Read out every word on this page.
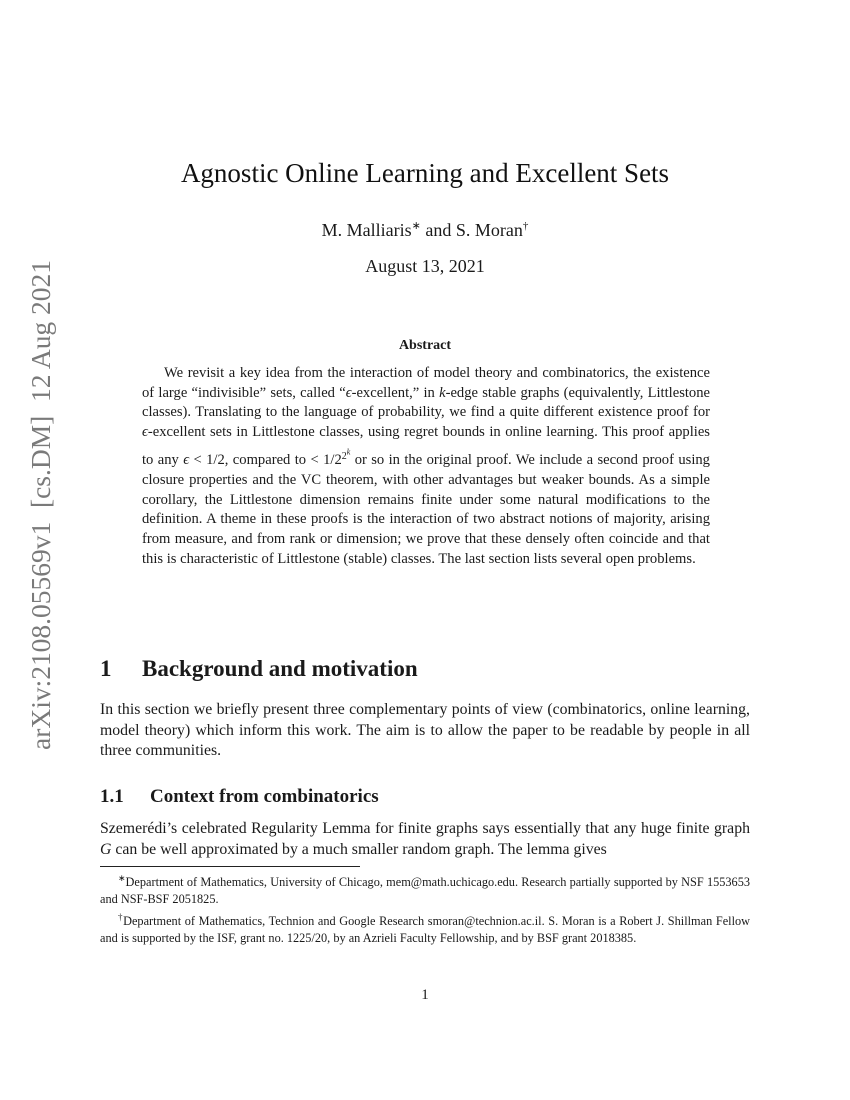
arXiv:2108.05569v1  [cs.DM]  12 Aug 2021
Agnostic Online Learning and Excellent Sets
M. Malliaris∗ and S. Moran†
August 13, 2021
Abstract
We revisit a key idea from the interaction of model theory and combinatorics, the existence of large “indivisible” sets, called “ϵ-excellent,” in k-edge stable graphs (equivalently, Littlestone classes). Translating to the language of probability, we find a quite different existence proof for ϵ-excellent sets in Littlestone classes, using regret bounds in online learning. This proof applies to any ϵ < 1/2, compared to < $1/2^{2^k}$ or so in the original proof. We include a second proof using closure properties and the VC theorem, with other advantages but weaker bounds. As a simple corollary, the Littlestone dimension remains finite under some natural modifications to the definition. A theme in these proofs is the interaction of two abstract notions of majority, arising from measure, and from rank or dimension; we prove that these densely often coincide and that this is characteristic of Littlestone (stable) classes. The last section lists several open problems.
1 Background and motivation
In this section we briefly present three complementary points of view (combinatorics, online learning, model theory) which inform this work. The aim is to allow the paper to be readable by people in all three communities.
1.1 Context from combinatorics
Szemerédi’s celebrated Regularity Lemma for finite graphs says essentially that any huge finite graph G can be well approximated by a much smaller random graph. The lemma gives

∗Department of Mathematics, University of Chicago, mem@math.uchicago.edu. Research partially supported by NSF 1553653 and NSF-BSF 2051825.

†Department of Mathematics, Technion and Google Research smoran@technion.ac.il. S. Moran is a Robert J. Shillman Fellow and is supported by the ISF, grant no. 1225/20, by an Azrieli Faculty Fellowship, and by BSF grant 2018385.

1
